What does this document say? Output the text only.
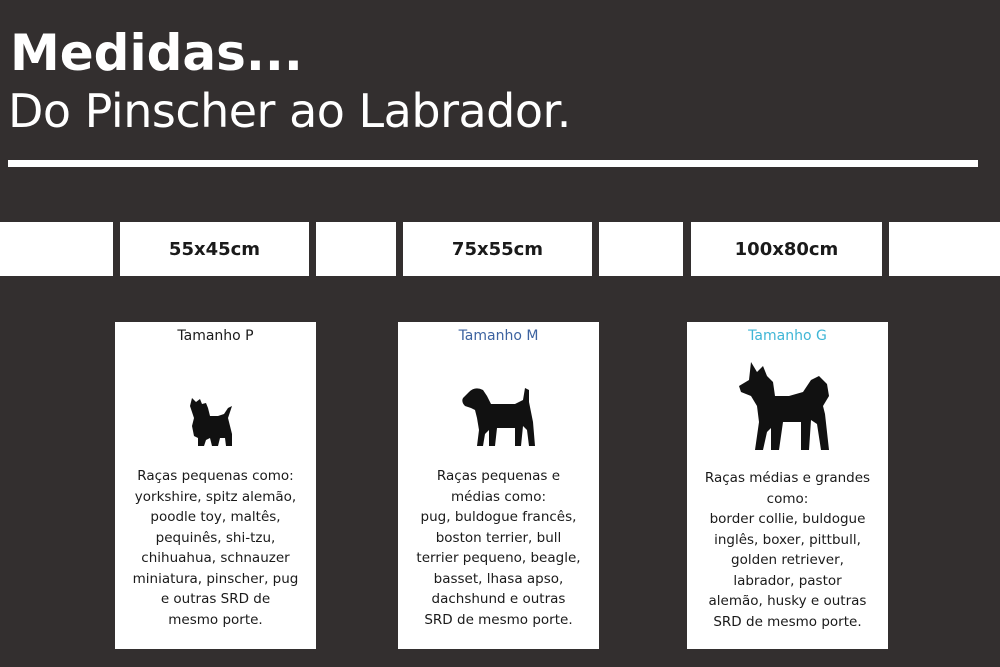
Medidas...
Do Pinscher ao Labrador.
55x45cm	75x55cm	100x80cm
Tamanho P
Raças pequenas como:
yorkshire, spitz alemão,
poodle toy, maltês,
pequinês, shi-tzu,
chihuahua, schnauzer
miniatura, pinscher, pug
e outras SRD de
mesmo porte.
Tamanho M
Raças pequenas e
médias como:
pug, buldogue francês,
boston terrier, bull
terrier pequeno, beagle,
basset, lhasa apso,
dachshund e outras
SRD de mesmo porte.
Tamanho G
Raças médias e grandes
como:
border collie, buldogue
inglês, boxer, pittbull,
golden retriever,
labrador, pastor
alemão, husky e outras
SRD de mesmo porte.
